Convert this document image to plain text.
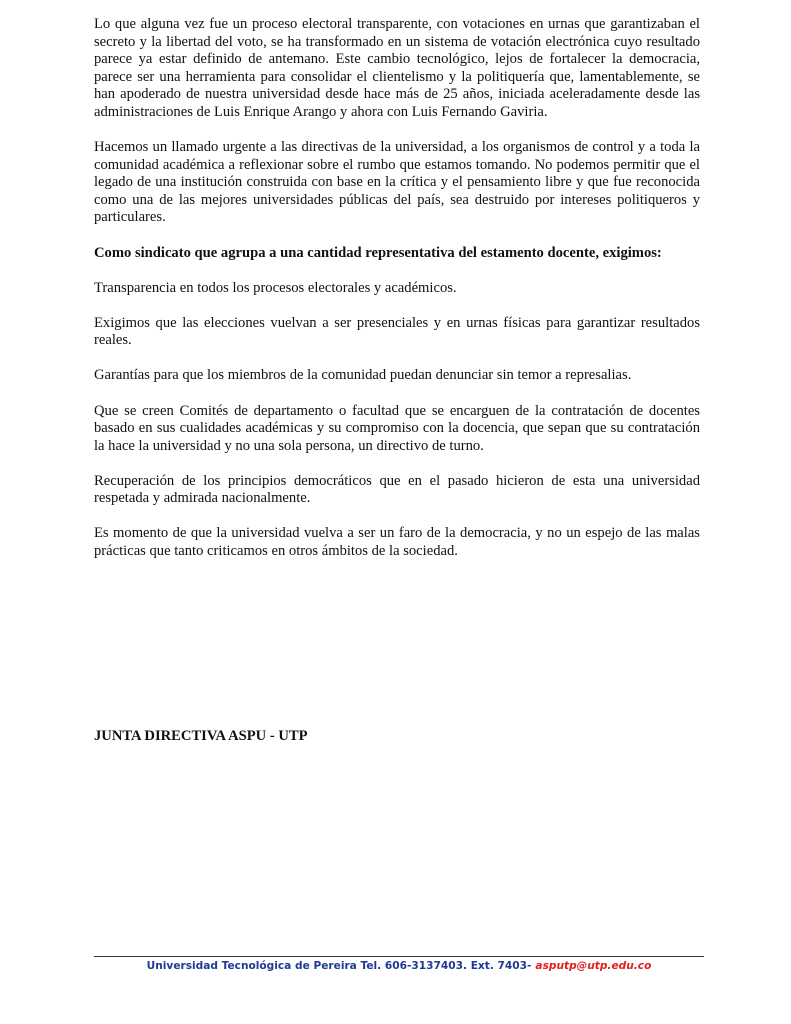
Lo que alguna vez fue un proceso electoral transparente, con votaciones en urnas que garantizaban el secreto y la libertad del voto, se ha transformado en un sistema de votación electrónica cuyo resultado parece ya estar definido de antemano. Este cambio tecnológico, lejos de fortalecer la democracia, parece ser una herramienta para consolidar el clientelismo y la politiquería que, lamentablemente, se han apoderado de nuestra universidad desde hace más de 25 años, iniciada aceleradamente desde las administraciones de Luis Enrique Arango y ahora con Luis Fernando Gaviria.

Hacemos un llamado urgente a las directivas de la universidad, a los organismos de control y a toda la comunidad académica a reflexionar sobre el rumbo que estamos tomando. No podemos permitir que el legado de una institución construida con base en la crítica y el pensamiento libre y que fue reconocida como una de las mejores universidades públicas del país, sea destruido por intereses politiqueros y particulares.

Como sindicato que agrupa a una cantidad representativa del estamento docente, exigimos:

Transparencia en todos los procesos electorales y académicos.

Exigimos que las elecciones vuelvan a ser presenciales y en urnas físicas para garantizar resultados reales.

Garantías para que los miembros de la comunidad puedan denunciar sin temor a represalias.

Que se creen Comités de departamento o facultad que se encarguen de la contratación de docentes basado en sus cualidades académicas y su compromiso con la docencia, que sepan que su contratación la hace la universidad y no una sola persona, un directivo de turno.

Recuperación de los principios democráticos que en el pasado hicieron de esta una universidad respetada y admirada nacionalmente.

Es momento de que la universidad vuelva a ser un faro de la democracia, y no un espejo de las malas prácticas que tanto criticamos en otros ámbitos de la sociedad.

JUNTA DIRECTIVA ASPU - UTP
Universidad Tecnológica de Pereira Tel. 606-3137403. Ext. 7403- asputp@utp.edu.co
